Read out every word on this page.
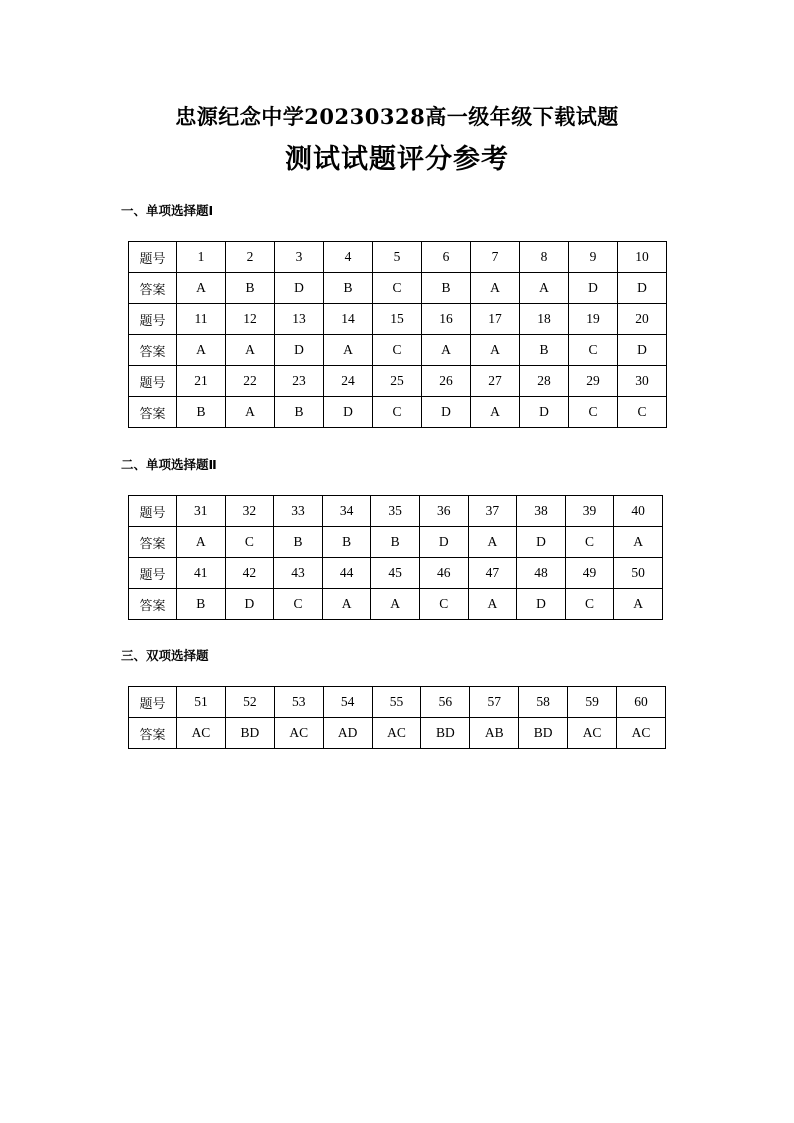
忠源纪念中学20230328高一级年级下载试题
测试试题评分参考
一、单项选择题Ⅰ
题号	1	2	3	4	5	6	7	8	9	10
答案	A	B	D	B	C	B	A	A	D	D
题号	11	12	13	14	15	16	17	18	19	20
答案	A	A	D	A	C	A	A	B	C	D
题号	21	22	23	24	25	26	27	28	29	30
答案	B	A	B	D	C	D	A	D	C	C
二、单项选择题Ⅱ
题号	31	32	33	34	35	36	37	38	39	40
答案	A	C	B	B	B	D	A	D	C	A
题号	41	42	43	44	45	46	47	48	49	50
答案	B	D	C	A	A	C	A	D	C	A
三、双项选择题
题号	51	52	53	54	55	56	57	58	59	60
答案	AC	BD	AC	AD	AC	BD	AB	BD	AC	AC
